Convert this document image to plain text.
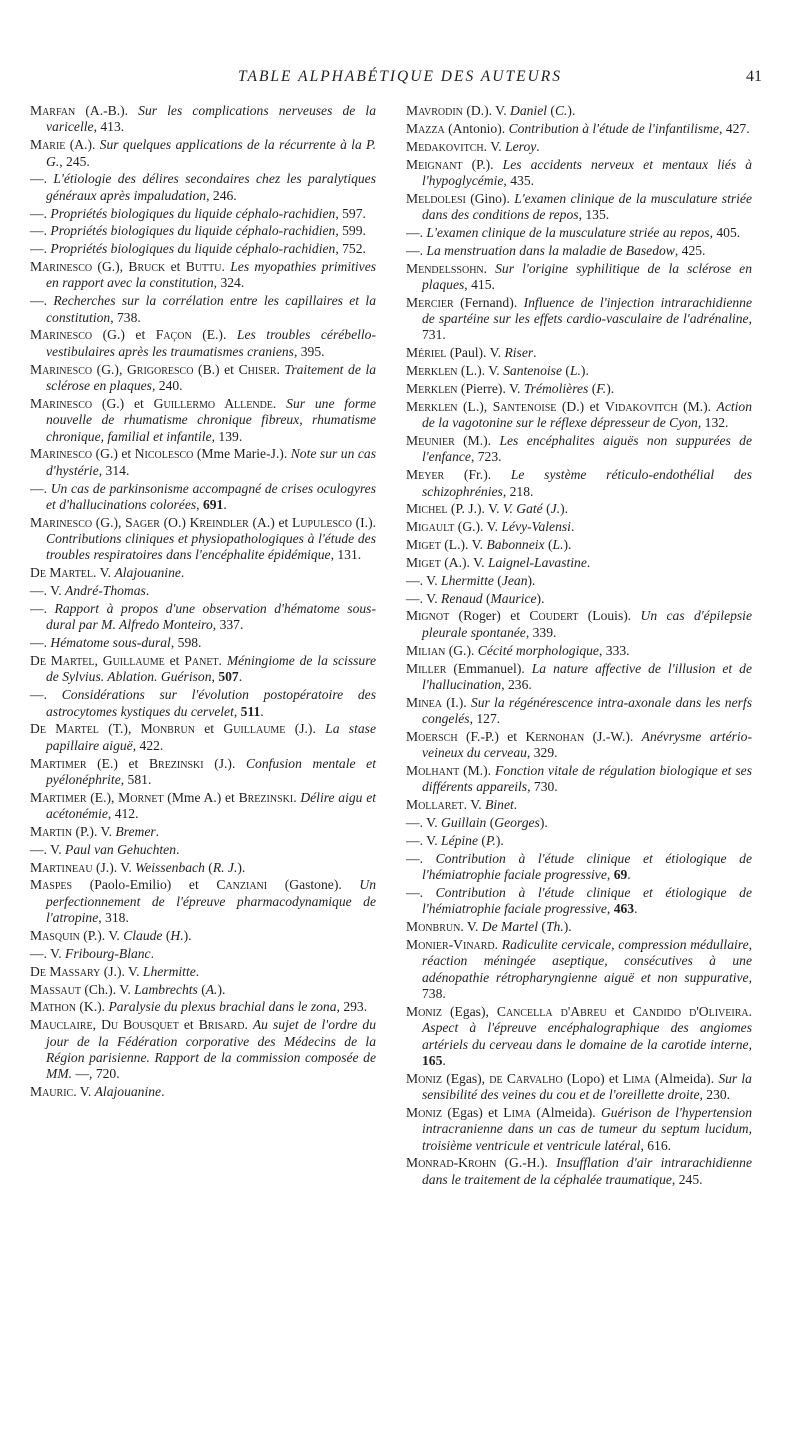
TABLE ALPHABÉTIQUE DES AUTEURS	41

Marfan (A.-B.). Sur les complications nerveuses de la varicelle, 413.

Marie (A.). Sur quelques applications de la récurrente à la P. G., 245.

—. L'étiologie des délires secondaires chez les paralytiques généraux après impaludation, 246.

—. Propriétés biologiques du liquide céphalo-rachidien, 597.

—. Propriétés biologiques du liquide céphalo-rachidien, 599.

—. Propriétés biologiques du liquide céphalo-rachidien, 752.

Marinesco (G.), Bruck et Buttu. Les myopathies primitives en rapport avec la constitution, 324.

—. Recherches sur la corrélation entre les capillaires et la constitution, 738.

Marinesco (G.) et Façon (E.). Les troubles cérébello-vestibulaires après les traumatismes craniens, 395.

Marinesco (G.), Grigoresco (B.) et Chiser. Traitement de la sclérose en plaques, 240.

Marinesco (G.) et Guillermo Allende. Sur une forme nouvelle de rhumatisme chronique fibreux, rhumatisme chronique, familial et infantile, 139.

Marinesco (G.) et Nicolesco (Mme Marie-J.). Note sur un cas d'hystérie, 314.

—. Un cas de parkinsonisme accompagné de crises oculogyres et d'hallucinations colorées, 691.

Marinesco (G.), Sager (O.) Kreindler (A.) et Lupulesco (I.). Contributions cliniques et physiopathologiques à l'étude des troubles respiratoires dans l'encéphalite épidémique, 131.

De Martel. V. Alajouanine.

—. V. André-Thomas.

—. Rapport à propos d'une observation d'hématome sous-dural par M. Alfredo Monteiro, 337.

—. Hématome sous-dural, 598.

De Martel, Guillaume et Panet. Méningiome de la scissure de Sylvius. Ablation. Guérison, 507.

—. Considérations sur l'évolution postopératoire des astrocytomes kystiques du cervelet, 511.

De Martel (T.), Monbrun et Guillaume (J.). La stase papillaire aiguë, 422.

Martimer (E.) et Brezinski (J.). Confusion mentale et pyélonéphrite, 581.

Martimer (E.), Mornet (Mme A.) et Brezinski. Délire aigu et acétonémie, 412.

Martin (P.). V. Bremer.

—. V. Paul van Gehuchten.

Martineau (J.). V. Weissenbach (R. J.).

Maspes (Paolo-Emilio) et Canziani (Gastone). Un perfectionnement de l'épreuve pharmacodynamique de l'atropine, 318.

Masquin (P.). V. Claude (H.).

—. V. Fribourg-Blanc.

De Massary (J.). V. Lhermitte.

Massaut (Ch.). V. Lambrechts (A.).

Mathon (K.). Paralysie du plexus brachial dans le zona, 293.

Mauclaire, Du Bousquet et Brisard. Au sujet de l'ordre du jour de la Fédération corporative des Médecins de la Région parisienne. Rapport de la commission composée de MM. —, 720.

Mauric. V. Alajouanine.

Mavrodin (D.). V. Daniel (C.).

Mazza (Antonio). Contribution à l'étude de l'infantilisme, 427.

Medakovitch. V. Leroy.

Meignant (P.). Les accidents nerveux et mentaux liés à l'hypoglycémie, 435.

Meldolesi (Gino). L'examen clinique de la musculature striée dans des conditions de repos, 135.

—. L'examen clinique de la musculature striée au repos, 405.

—. La menstruation dans la maladie de Basedow, 425.

Mendelssohn. Sur l'origine syphilitique de la sclérose en plaques, 415.

Mercier (Fernand). Influence de l'injection intrarachidienne de spartéine sur les effets cardio-vasculaire de l'adrénaline, 731.

Mériel (Paul). V. Riser.

Merklen (L.). V. Santenoise (L.).

Merklen (Pierre). V. Trémolières (F.).

Merklen (L.), Santenoise (D.) et Vidakovitch (M.). Action de la vagotonine sur le réflexe dépresseur de Cyon, 132.

Meunier (M.). Les encéphalites aiguës non suppurées de l'enfance, 723.

Meyer (Fr.). Le système réticulo-endothélial des schizophrénies, 218.

Michel (P. J.). V. V. Gaté (J.).

Migault (G.). V. Lévy-Valensi.

Miget (L.). V. Babonneix (L.).

Miget (A.). V. Laignel-Lavastine.

—. V. Lhermitte (Jean).

—. V. Renaud (Maurice).

Mignot (Roger) et Coudert (Louis). Un cas d'épilepsie pleurale spontanée, 339.

Milian (G.). Cécité morphologique, 333.

Miller (Emmanuel). La nature affective de l'illusion et de l'hallucination, 236.

Minea (I.). Sur la régénérescence intra-axonale dans les nerfs congelés, 127.

Moersch (F.-P.) et Kernohan (J.-W.). Anévrysme artério-veineux du cerveau, 329.

Molhant (M.). Fonction vitale de régulation biologique et ses différents appareils, 730.

Mollaret. V. Binet.

—. V. Guillain (Georges).

—. V. Lépine (P.).

—. Contribution à l'étude clinique et étiologique de l'hémiatrophie faciale progressive, 69.

—. Contribution à l'étude clinique et étiologique de l'hémiatrophie faciale progressive, 463.

Monbrun. V. De Martel (Th.).

Monier-Vinard. Radiculite cervicale, compression médullaire, réaction méningée aseptique, consécutives à une adénopathie rétropharyngienne aiguë et non suppurative, 738.

Moniz (Egas), Cancella d'Abreu et Candido d'Oliveira. Aspect à l'épreuve encéphalographique des angiomes artériels du cerveau dans le domaine de la carotide interne, 165.

Moniz (Egas), de Carvalho (Lopo) et Lima (Almeida). Sur la sensibilité des veines du cou et de l'oreillette droite, 230.

Moniz (Egas) et Lima (Almeida). Guérison de l'hypertension intracranienne dans un cas de tumeur du septum lucidum, troisième ventricule et ventricule latéral, 616.

Monrad-Krohn (G.-H.). Insufflation d'air intrarachidienne dans le traitement de la céphalée traumatique, 245.
